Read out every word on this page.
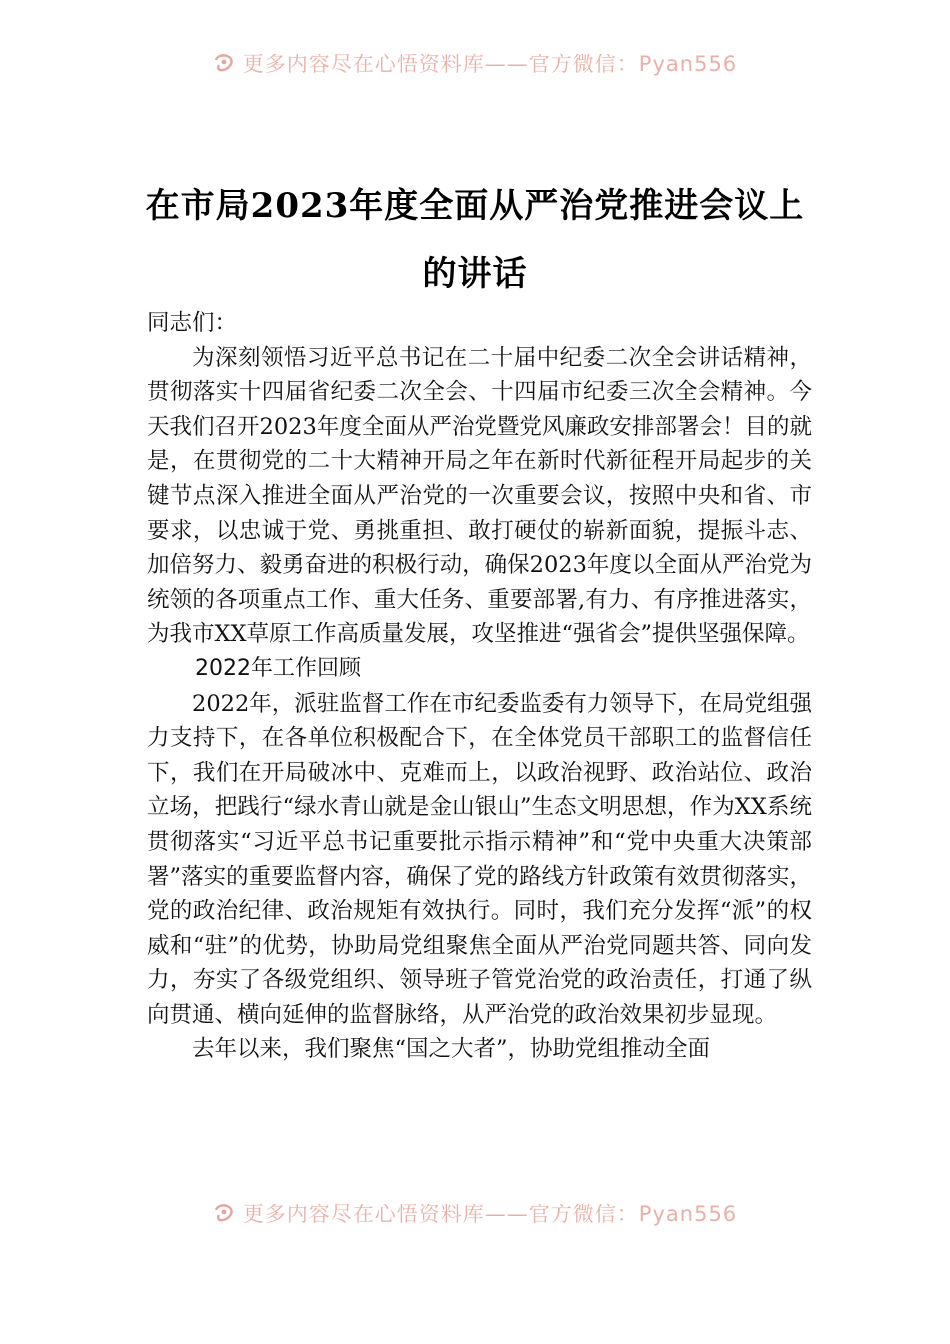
更多内容尽在心悟资料库——官方微信：Pyan556
在市局2023年度全面从严治党推进会议上
的讲话

同志们：

为深刻领悟习近平总书记在二十届中纪委二次全会讲话精神，贯彻落实十四届省纪委二次全会、十四届市纪委三次全会精神。今天我们召开2023年度全面从严治党暨党风廉政安排部署会！目的就是，在贯彻党的二十大精神开局之年在新时代新征程开局起步的关键节点深入推进全面从严治党的一次重要会议，按照中央和省、市要求，以忠诚于党、勇挑重担、敢打硬仗的崭新面貌，提振斗志、加倍努力、毅勇奋进的积极行动，确保2023年度以全面从严治党为统领的各项重点工作、重大任务、重要部署,有力、有序推进落实，为我市XX草原工作高质量发展，攻坚推进“强省会”提供坚强保障。

2022年工作回顾

2022年，派驻监督工作在市纪委监委有力领导下，在局党组强力支持下，在各单位积极配合下，在全体党员干部职工的监督信任下，我们在开局破冰中、克难而上，以政治视野、政治站位、政治立场，把践行“绿水青山就是金山银山”生态文明思想，作为XX系统贯彻落实“习近平总书记重要批示指示精神”和“党中央重大决策部署”落实的重要监督内容，确保了党的路线方针政策有效贯彻落实，党的政治纪律、政治规矩有效执行。同时，我们充分发挥“派”的权威和“驻”的优势，协助局党组聚焦全面从严治党同题共答、同向发力，夯实了各级党组织、领导班子管党治党的政治责任，打通了纵向贯通、横向延伸的监督脉络，从严治党的政治效果初步显现。

去年以来，我们聚焦“国之大者”，协助党组推动全面

更多内容尽在心悟资料库——官方微信：Pyan556
